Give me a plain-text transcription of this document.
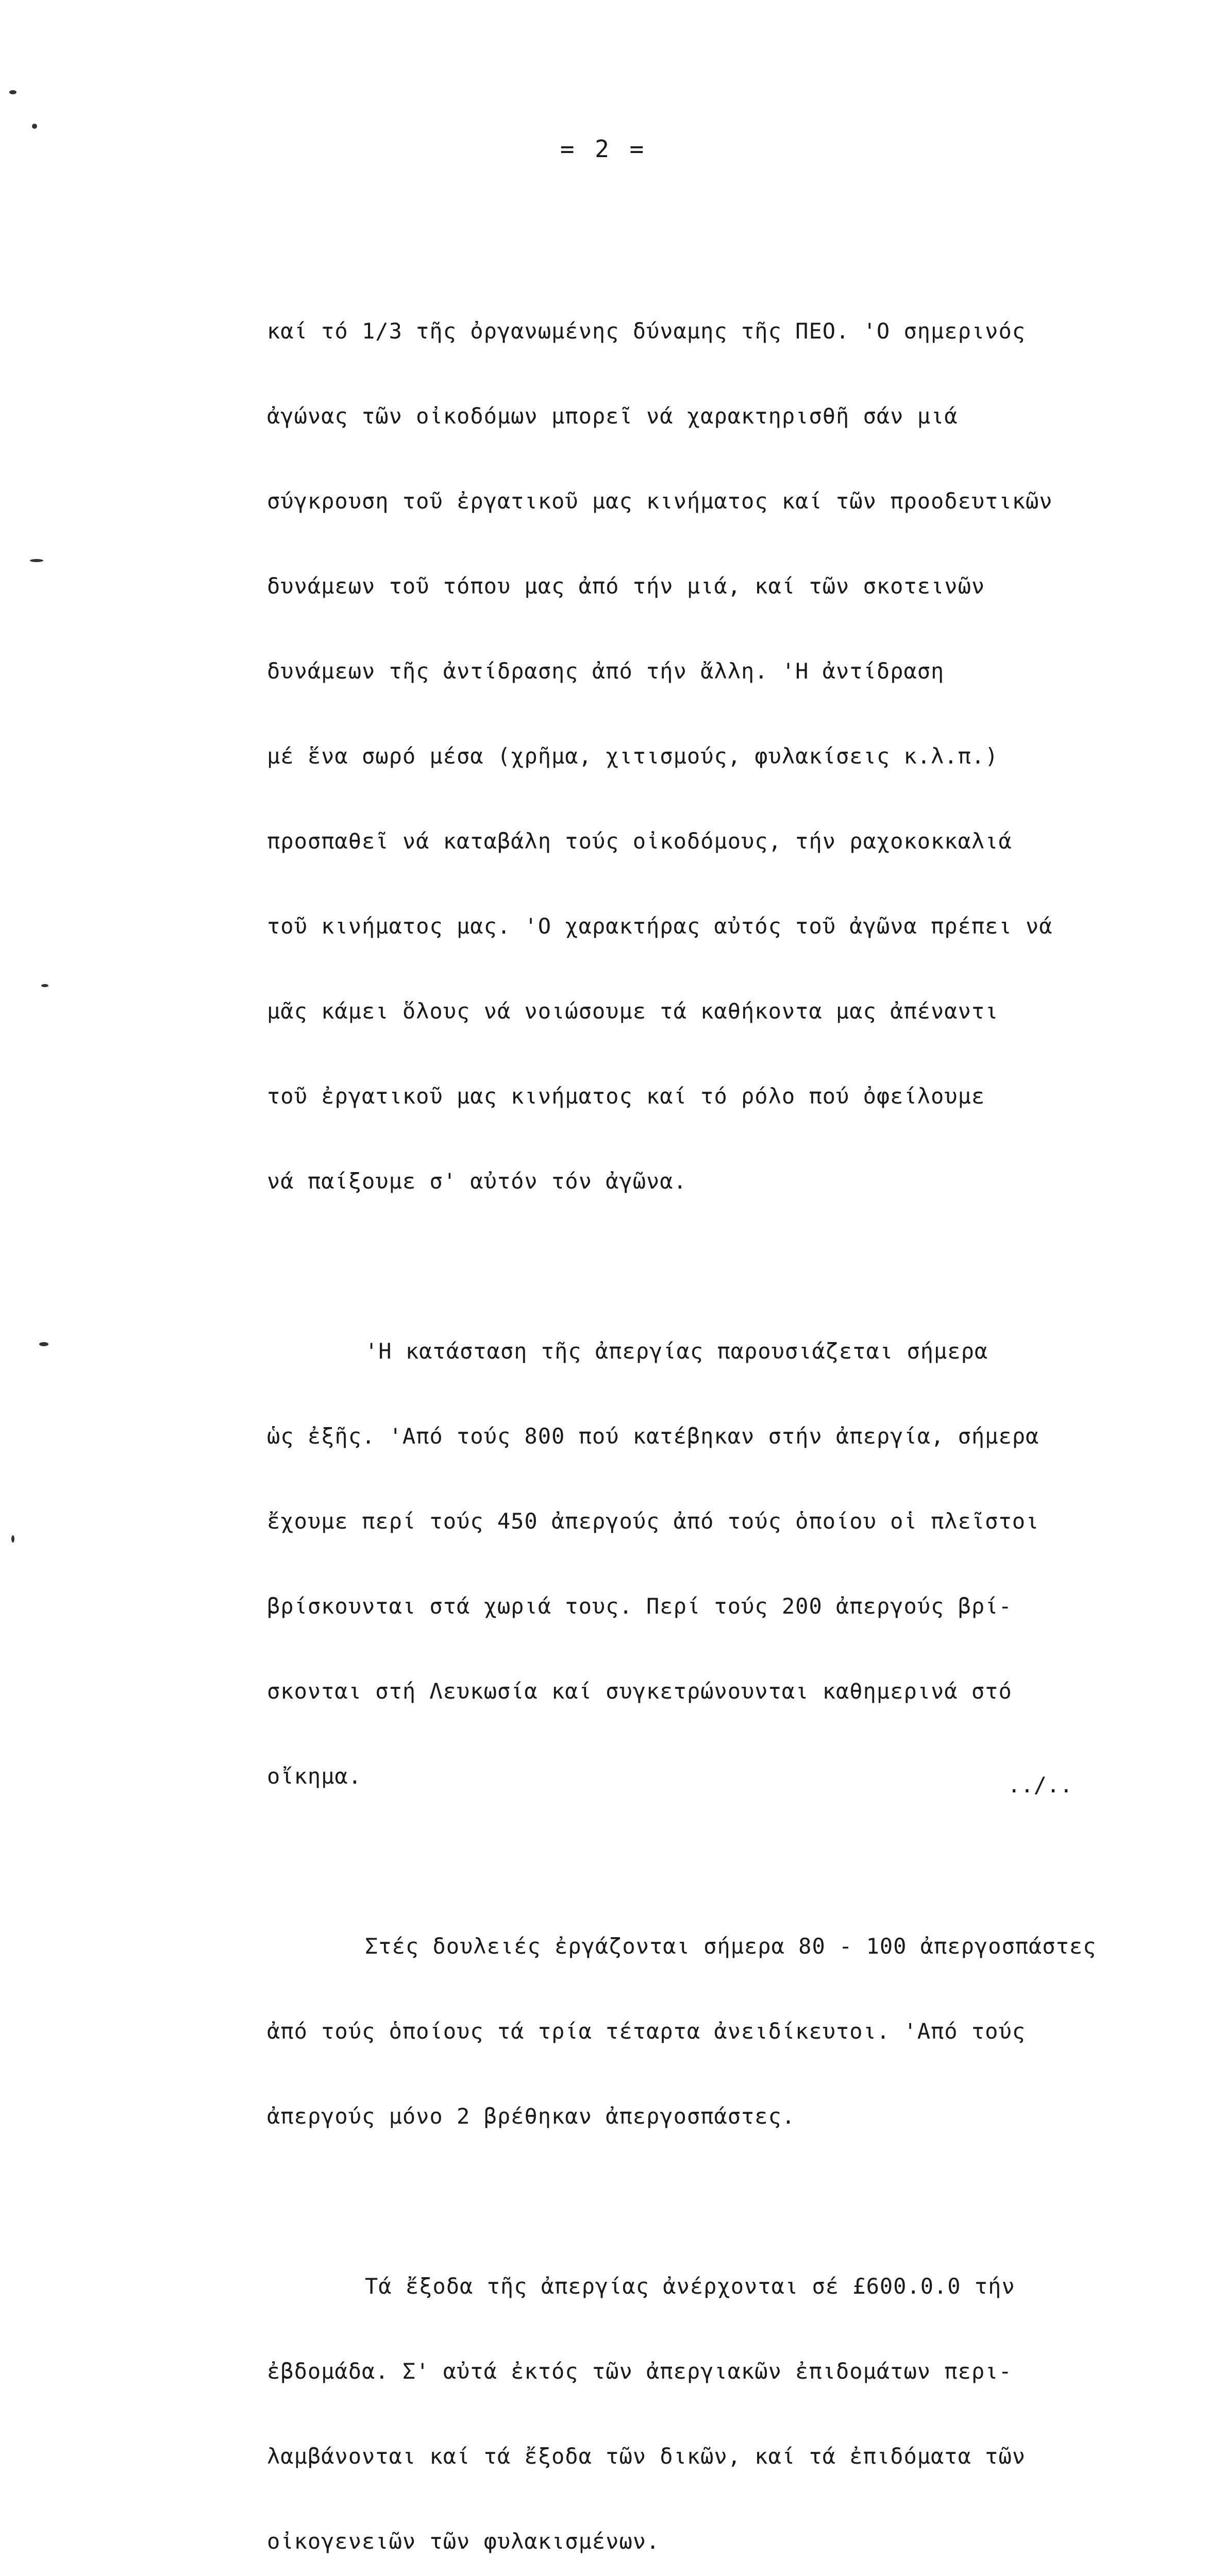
= 2 =

καί τό 1/3 τῆς ὀργανωμένης δύναμης τῆς ΠΕΟ. 'Ο σημερινός

ἀγώνας τῶν οἰκοδόμων μπορεῖ νά χαρακτηρισθῆ σάν μιά

σύγκρουση τοῦ ἐργατικοῦ μας κινήματος καί τῶν προοδευτικῶν

δυνάμεων τοῦ τόπου μας ἀπό τήν μιά, καί τῶν σκοτεινῶν

δυνάμεων τῆς ἀντίδρασης ἀπό τήν ἄλλη. 'Η ἀντίδραση

μέ ἕνα σωρό μέσα (χρῆμα, χιτισμούς, φυλακίσεις κ.λ.π.)

προσπαθεῖ νά καταβάλη τούς οἰκοδόμους, τήν ραχοκοκκαλιά

τοῦ κινήματος μας. 'Ο χαρακτήρας αὐτός τοῦ ἀγῶνα πρέπει νά

μᾶς κάμει ὅλους νά νοιώσουμε τά καθήκοντα μας ἀπέναντι

τοῦ ἐργατικοῦ μας κινήματος καί τό ρόλο πού ὀφείλουμε

νά παίξουμε σ' αὐτόν τόν ἀγῶνα.

'Η κατάσταση τῆς ἀπεργίας παρουσιάζεται σήμερα

ὡς ἐξῆς. 'Από τούς 800 πού κατέβηκαν στήν ἀπεργία, σήμερα

ἔχουμε περί τούς 450 ἀπεργούς ἀπό τούς ὁποίου οἱ πλεῖστοι

βρίσκουνται στά χωριά τους. Περί τούς 200 ἀπεργούς βρί-

σκονται στή Λευκωσία καί συγκετρώνουνται καθημερινά στό

οἴκημα.

Στές δουλειές ἐργάζονται σήμερα 80 - 100 ἀπεργοσπάστες

ἀπό τούς ὁποίους τά τρία τέταρτα ἀνειδίκευτοι. 'Από τούς

ἀπεργούς μόνο 2 βρέθηκαν ἀπεργοσπάστες.

Τά ἔξοδα τῆς ἀπεργίας ἀνέρχονται σέ £600.0.0 τήν

ἐβδομάδα. Σ' αὐτά ἐκτός τῶν ἀπεργιακῶν ἐπιδομάτων περι-

λαμβάνονται καί τά ἔξοδα τῶν δικῶν, καί τά ἐπιδόματα τῶν

οἰκογενειῶν τῶν φυλακισμένων.

../..
